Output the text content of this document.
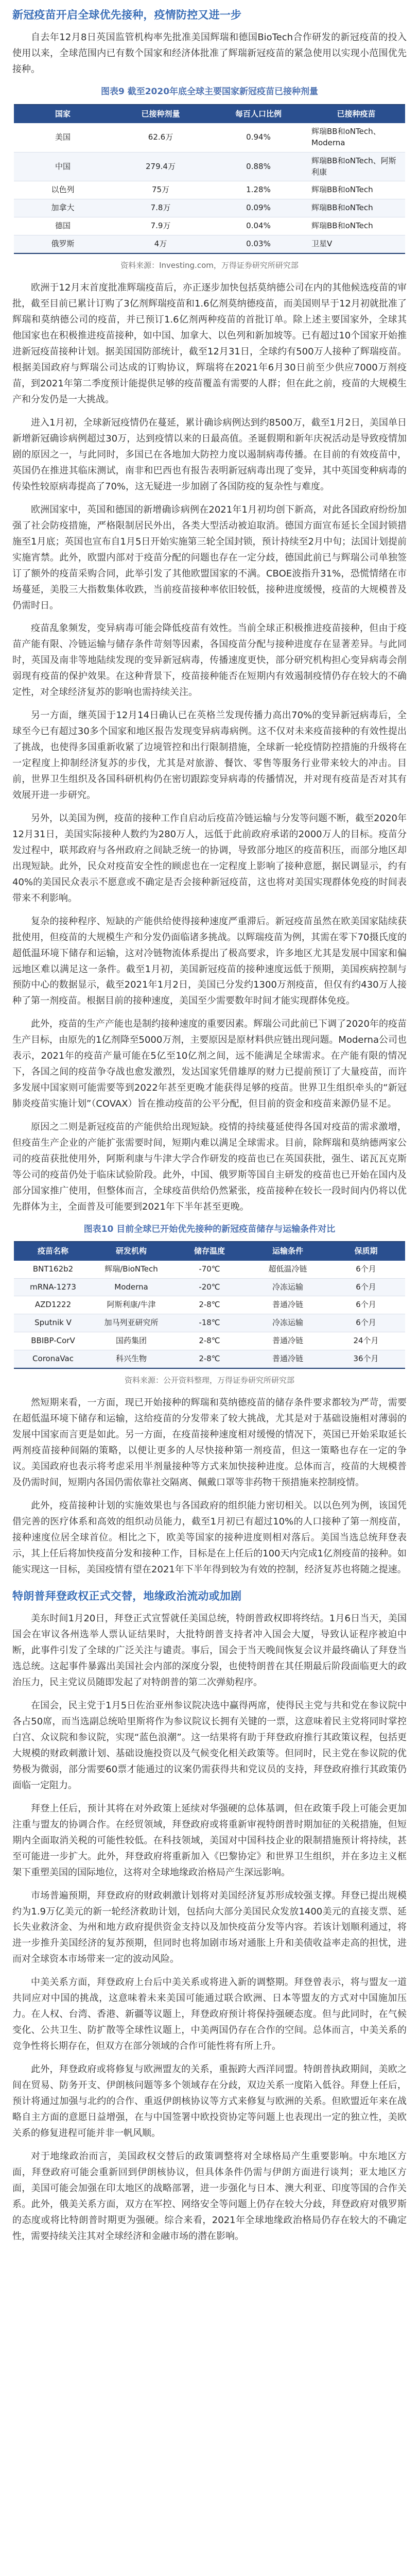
新冠疫苗开启全球优先接种，疫情防控又进一步

自去年12月8日英国监管机构率先批准美国辉瑞和德国BioTech合作研发的新冠疫苗的投入使用以来，全球范围内已有数个国家和经济体批准了辉瑞新冠疫苗的紧急使用以实现小范围优先接种。

图表9 截至2020年底全球主要国家新冠疫苗已接种剂量
国家	已接种剂量	每百人口比例	已接种疫苗
美国	62.6万	0.94%	辉瑞BB和oNTech、Moderna
中国	279.4万	0.88%	辉瑞BB和oNTech、阿斯利康
以色列	75万	1.28%	辉瑞BB和oNTech
加拿大	7.8万	0.09%	辉瑞BB和oNTech
德国	7.9万	0.04%	辉瑞BB和oNTech
俄罗斯	4万	0.03%	卫星V
资料来源：Investing.com，万得证券研究所研究部

欧洲于12月末首度批准辉瑞疫苗后，亦正逐步加快包括莫纳德公司在内的其他候选疫苗的审批，截至目前已累计订购了3亿剂辉瑞疫苗和1.6亿剂莫纳德疫苗，而美国则早于12月初就批准了辉瑞和莫纳德公司的疫苗，并已预订1.6亿剂两种疫苗的首批订单。除上述主要国家外，全球其他国家也在积极推进疫苗接种，如中国、加拿大、以色列和新加坡等。已有超过10个国家开始推进新冠疫苗接种计划。据美国国防部统计，截至12月31日，全球约有500万人接种了辉瑞疫苗。根据美国政府与辉瑞公司达成的订购协议，辉瑞将在2021年6月30日前至少供应7000万剂疫苗，到2021年第二季度预计能提供足够的疫苗覆盖有需要的人群；但在此之前，疫苗的大规模生产和分发仍是一大挑战。

进入1月初，全球新冠疫情仍在蔓延，累计确诊病例达到约8500万，截至1月2日，美国单日新增新冠确诊病例超过30万，达到疫情以来的日最高值。圣诞假期和新年庆祝活动是导致疫情加剧的原因之一，与此同时，多国已在各地加大防控力度以遏制病毒传播。在目前的有效疫苗中，英国仍在推进其临床测试，南非和巴西也有报告表明新冠病毒出现了变异，其中英国变种病毒的传染性较原病毒提高了70%，这无疑进一步加剧了各国防疫的复杂性与难度。

欧洲国家中，英国和德国的新增确诊病例在2021年1月初均创下新高，对此各国政府纷纷加强了社会防疫措施，严格限制居民外出，各类大型活动被迫取消。德国方面宣布延长全国封锁措施至1月底；英国也宣布自1月5日开始实施第三轮全国封锁，预计持续至2月中旬；法国计划提前实施宵禁。此外，欧盟内部对于疫苗分配的问题也存在一定分歧，德国此前已与辉瑞公司单独签订了额外的疫苗采购合同，此举引发了其他欧盟国家的不满。CBOE波指升31%，恐慌情绪在市场蔓延，美股三大指数集体收跌，当前疫苗接种率依旧较低，接种进度缓慢，疫苗的大规模普及仍需时日。

疫苗乱象频发，变异病毒可能会降低疫苗有效性。当前全球正积极推进疫苗接种，但由于疫苗产能有限、冷链运输与储存条件苛刻等因素，各国疫苗分配与接种进度存在显著差异。与此同时，英国及南非等地陆续发现的变异新冠病毒，传播速度更快，部分研究机构担心变异病毒会削弱现有疫苗的保护效果。在这种背景下，疫苗接种能否在短期内有效遏制疫情仍存在较大的不确定性，对全球经济复苏的影响也需持续关注。

另一方面，继英国于12月14日确认已在英格兰发现传播力高出70%的变异新冠病毒后，全球至今已有超过30多个国家和地区报告发现变异病毒病例。这不仅对未来疫苗接种的有效性提出了挑战，也使得多国重新收紧了边境管控和出行限制措施，全球新一轮疫情防控措施的升级将在一定程度上抑制经济复苏的步伐，尤其是对旅游、餐饮、零售等服务行业带来较大的冲击。目前，世界卫生组织及各国科研机构仍在密切跟踪变异病毒的传播情况，并对现有疫苗是否对其有效展开进一步研究。

另外，以美国为例，疫苗的接种工作自启动后疫苗冷链运输与分发等问题不断，截至2020年12月31日，美国实际接种人数约为280万人，远低于此前政府承诺的2000万人的目标。疫苗分发过程中，联邦政府与各州政府之间缺乏统一的协调，导致部分地区的疫苗积压，而部分地区却出现短缺。此外，民众对疫苗安全性的顾虑也在一定程度上影响了接种意愿，据民调显示，约有40%的美国民众表示不愿意或不确定是否会接种新冠疫苗，这也将对美国实现群体免疫的时间表带来不利影响。

复杂的接种程序、短缺的产能供给使得接种速度严重滞后。新冠疫苗虽然在欧美国家陆续获批使用，但疫苗的大规模生产和分发仍面临诸多挑战。以辉瑞疫苗为例，其需在零下70摄氏度的超低温环境下储存和运输，这对冷链物流体系提出了极高要求，许多地区尤其是发展中国家和偏远地区难以满足这一条件。截至1月初，美国新冠疫苗的接种速度远低于预期，美国疾病控制与预防中心的数据显示，截至2021年1月2日，美国已分发约1300万剂疫苗，但仅有约430万人接种了第一剂疫苗。根据目前的接种速度，美国至少需要数年时间才能实现群体免疫。

此外，疫苗的生产产能也是制约接种速度的重要因素。辉瑞公司此前已下调了2020年的疫苗生产目标，由原先的1亿剂降至5000万剂，主要原因是原材料供应链出现问题。Moderna公司也表示，2021年的疫苗产量可能在5亿至10亿剂之间，远不能满足全球需求。在产能有限的情况下，各国之间的疫苗争夺战也愈发激烈，发达国家凭借雄厚的财力已提前预订了大量疫苗，而许多发展中国家则可能需要等到2022年甚至更晚才能获得足够的疫苗。世界卫生组织牵头的“新冠肺炎疫苗实施计划”（COVAX）旨在推动疫苗的公平分配，但目前的资金和疫苗来源仍显不足。

原因之二则是新冠疫苗的产能供给出现短缺。疫情的持续蔓延使得各国对疫苗的需求激增，但疫苗生产企业的产能扩张需要时间，短期内难以满足全球需求。目前，除辉瑞和莫纳德两家公司的疫苗获批使用外，阿斯利康与牛津大学合作研发的疫苗也已在英国获批，强生、诺瓦瓦克斯等公司的疫苗仍处于临床试验阶段。此外，中国、俄罗斯等国自主研发的疫苗也已开始在国内及部分国家推广使用，但整体而言，全球疫苗供给仍然紧张，疫苗接种在较长一段时间内仍将以优先群体为主，全面普及可能要到2021年下半年甚至更晚。

图表10 目前全球已开始优先接种的新冠疫苗储存与运输条件对比
疫苗名称	研发机构	储存温度	运输条件	保质期
BNT162b2	辉瑞/BioNTech	-70℃	超低温冷链	6个月
mRNA-1273	Moderna	-20℃	冷冻运输	6个月
AZD1222	阿斯利康/牛津	2-8℃	普通冷链	6个月
Sputnik V	加马列亚研究所	-18℃	冷冻运输	6个月
BBIBP-CorV	国药集团	2-8℃	普通冷链	24个月
CoronaVac	科兴生物	2-8℃	普通冷链	36个月
资料来源：公开资料整理，万得证券研究所研究部

然短期来看，一方面，现已开始接种的辉瑞和莫纳德疫苗的储存条件要求都较为严苛，需要在超低温环境下储存和运输，这给疫苗的分发带来了较大挑战，尤其是对于基础设施相对薄弱的发展中国家而言更是如此。另一方面，在疫苗接种速度相对缓慢的情况下，英国已开始采取延长两剂疫苗接种间隔的策略，以便让更多的人尽快接种第一剂疫苗，但这一策略也存在一定的争议。美国政府也表示将考虑采用半剂量接种等方式来加快接种进度。总体而言，疫苗的大规模普及仍需时间，短期内各国仍需依靠社交隔离、佩戴口罩等非药物干预措施来控制疫情。

此外，疫苗接种计划的实施效果也与各国政府的组织能力密切相关。以以色列为例，该国凭借完善的医疗体系和高效的组织动员能力，截至1月初已有超过10%的人口接种了第一剂疫苗，接种速度位居全球首位。相比之下，欧美等国家的接种进度则相对落后。美国当选总统拜登表示，其上任后将加快疫苗分发和接种工作，目标是在上任后的100天内完成1亿剂疫苗的接种。如能实现这一目标，美国疫情有望在2021年下半年得到较为有效的控制，经济复苏也将随之提速。

特朗普拜登政权正式交替，地缘政治流动或加剧

美东时间1月20日，拜登正式宣誓就任美国总统，特朗普政权即将终结。1月6日当天，美国国会在审议各州选举人票认证结果时，大批特朗普支持者冲入国会大厦，导致认证程序被迫中断，此事件引发了全球的广泛关注与谴责。事后，国会于当天晚间恢复会议并最终确认了拜登当选总统。这起事件暴露出美国社会内部的深度分裂，也使特朗普在其任期最后阶段面临更大的政治压力，民主党议员随即发起了对特朗普的第二次弹劾程序。

在国会，民主党于1月5日佐治亚州参议院决选中赢得两席，使得民主党与共和党在参议院中各占50席，而当选副总统哈里斯将作为参议院议长拥有关键的一票，这意味着民主党将同时掌控白宫、众议院和参议院，实现“蓝色浪潮”。这一结果将有助于拜登政府推行其政策议程，包括更大规模的财政刺激计划、基础设施投资以及气候变化相关政策等。但同时，民主党在参议院的优势极为微弱，部分需要60票才能通过的议案仍需获得共和党议员的支持，拜登政府推行其政策仍面临一定阻力。

拜登上任后，预计其将在对外政策上延续对华强硬的总体基调，但在政策手段上可能会更加注重与盟友的协调合作。在经贸领域，拜登政府或将重新审视特朗普时期加征的关税措施，但短期内全面取消关税的可能性较低。在科技领域，美国对中国科技企业的限制措施预计将持续，甚至可能进一步扩大。此外，拜登政府将重新加入《巴黎协定》和世界卫生组织，并在多边主义框架下重塑美国的国际地位，这将对全球地缘政治格局产生深远影响。

市场普遍预期，拜登政府的财政刺激计划将对美国经济复苏形成较强支撑。拜登已提出规模约为1.9万亿美元的新一轮经济救助计划，包括向大部分美国民众发放1400美元的直接支票、延长失业救济金、为州和地方政府提供资金支持以及加快疫苗分发等内容。若该计划顺利通过，将进一步推升美国经济的复苏预期，但同时也将加剧市场对通胀上升和美债收益率走高的担忧，进而对全球资本市场带来一定的波动风险。

中美关系方面，拜登政府上台后中美关系或将进入新的调整期。拜登曾表示，将与盟友一道共同应对中国的挑战，这意味着未来美国可能通过联合欧洲、日本等盟友的方式对中国施加压力。在人权、台湾、香港、新疆等议题上，拜登政府预计将保持强硬态度。但与此同时，在气候变化、公共卫生、防扩散等全球性议题上，中美两国仍存在合作的空间。总体而言，中美关系的竞争性将长期存在，但双方在部分领域的合作可能性将有所上升。

此外，拜登政府或将修复与欧洲盟友的关系，重振跨大西洋同盟。特朗普执政期间，美欧之间在贸易、防务开支、伊朗核问题等多个领域存在分歧，双边关系一度陷入低谷。拜登上任后，预计将通过加强与北约的合作、重返伊朗核协议等方式来修复与欧洲的关系。但欧盟近年来在战略自主方面的意愿日益增强，在与中国签署中欧投资协定等问题上也表现出一定的独立性，美欧关系的修复进程可能并非一帆风顺。

对于地缘政治而言，美国政权交替后的政策调整将对全球格局产生重要影响。中东地区方面，拜登政府可能会重新回到伊朗核协议，但具体条件仍需与伊朗方面进行谈判；亚太地区方面，美国可能会加强在印太地区的战略部署，进一步强化与日本、澳大利亚、印度等国的合作关系。此外，俄美关系方面，双方在军控、网络安全等问题上仍存在较大分歧，拜登政府对俄罗斯的态度或将比特朗普时期更为强硬。综合来看，2021年全球地缘政治格局仍存在较大的不确定性，需要持续关注其对全球经济和金融市场的潜在影响。
